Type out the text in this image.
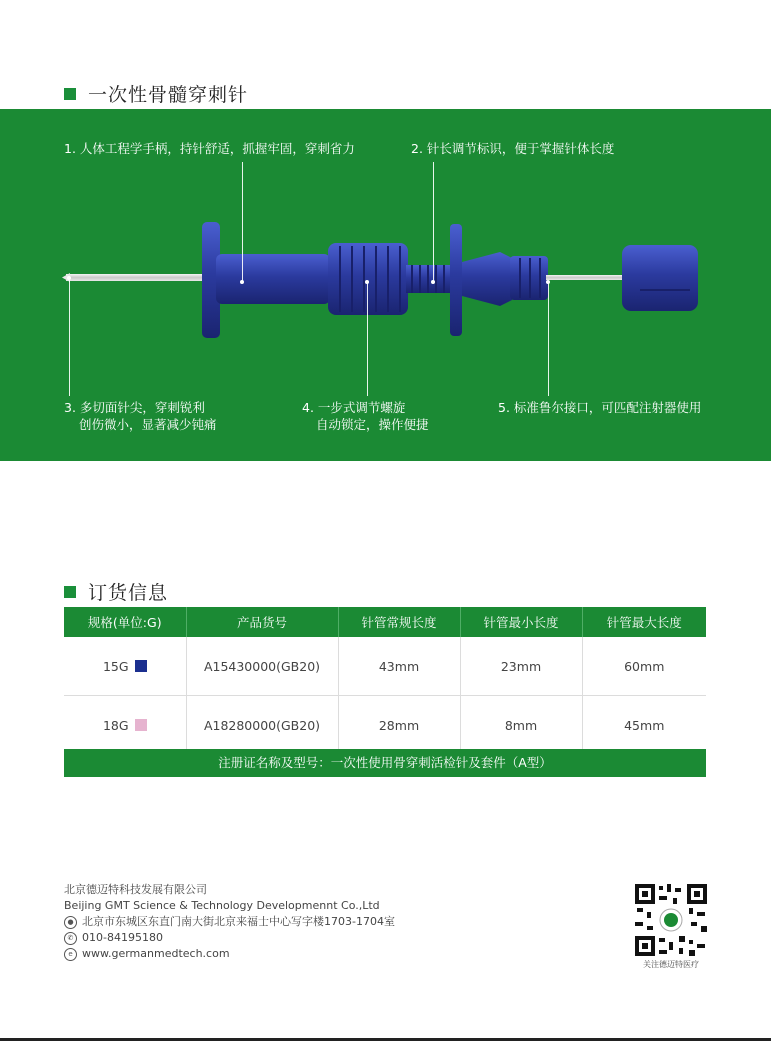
一次性骨髓穿刺针
1. 人体工程学手柄，持针舒适，抓握牢固，穿刺省力	2. 针长调节标识，便于掌握针体长度
3. 多切面针尖，穿刺锐利
创伤微小，显著减少钝痛
4. 一步式调节螺旋
自动锁定，操作便捷
5. 标准鲁尔接口，可匹配注射器使用
订货信息
规格(单位:G)	产品货号	针管常规长度	针管最小长度	针管最大长度
15G	A15430000(GB20)	43mm	23mm	60mm
18G	A18280000(GB20)	28mm	8mm	45mm
注册证名称及型号：一次性使用骨穿刺活检针及套件（A型）
北京德迈特科技发展有限公司
Beijing GMT Science & Technology Developmennt Co.,Ltd
● 北京市东城区东直门南大街北京来福士中心写字楼1703-1704室
✆ 010-84195180
e www.germanmedtech.com
关注德迈特医疗
